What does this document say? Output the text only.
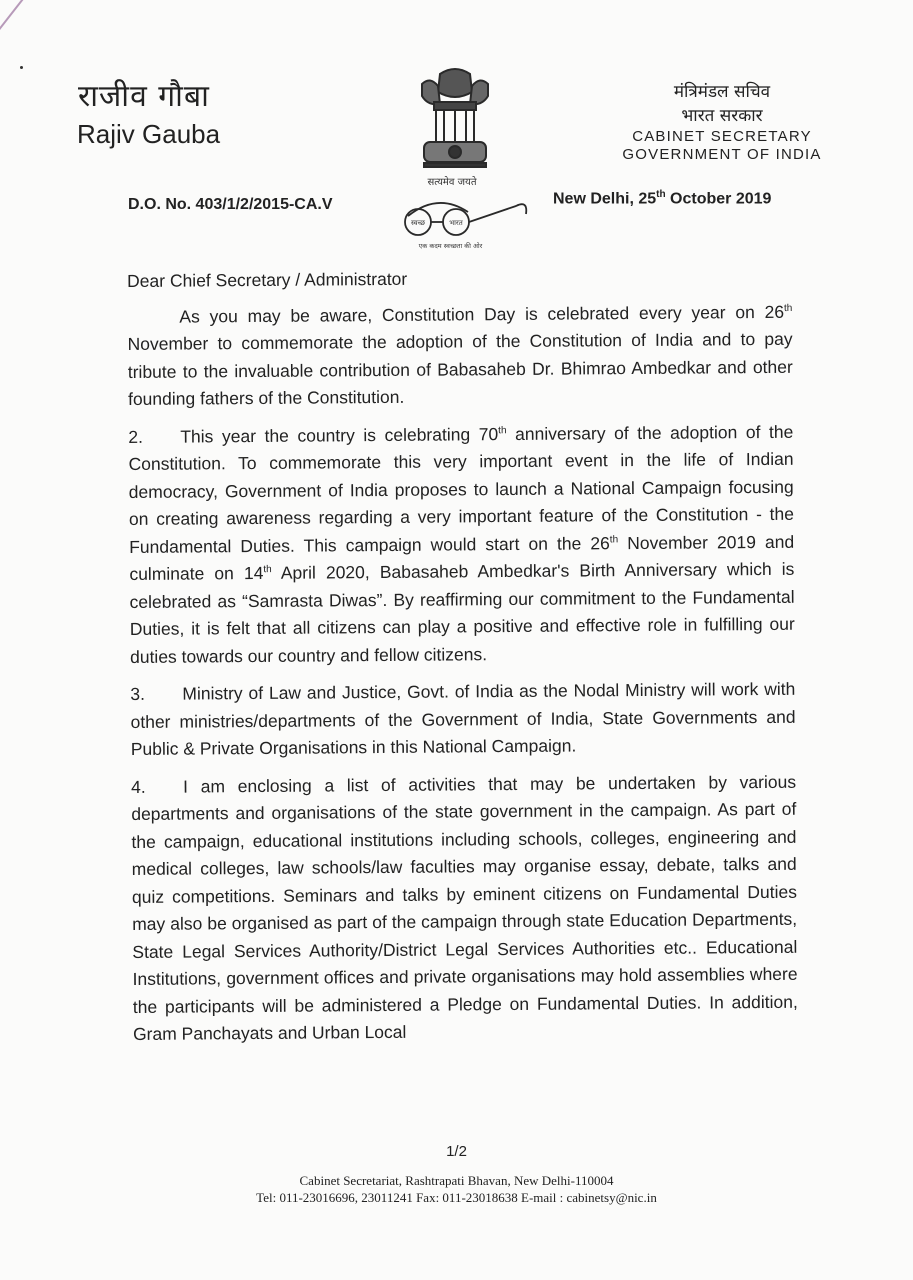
राजीव गौबा
Rajiv Gauba
D.O. No. 403/1/2/2015-CA.V
सत्यमेव जयते
स्वच्छ	भारत
एक कदम स्वच्छता की ओर
मंत्रिमंडल सचिव
भारत सरकार
CABINET SECRETARY
GOVERNMENT OF INDIA
New Delhi, 25th October 2019

Dear Chief Secretary / Administrator

As you may be aware, Constitution Day is celebrated every year on 26th November to commemorate the adoption of the Constitution of India and to pay tribute to the invaluable contribution of Babasaheb Dr. Bhimrao Ambedkar and other founding fathers of the Constitution.

2. This year the country is celebrating 70th anniversary of the adoption of the Constitution. To commemorate this very important event in the life of Indian democracy, Government of India proposes to launch a National Campaign focusing on creating awareness regarding a very important feature of the Constitution - the Fundamental Duties. This campaign would start on the 26th November 2019 and culminate on 14th April 2020, Babasaheb Ambedkar's Birth Anniversary which is celebrated as “Samrasta Diwas”. By reaffirming our commitment to the Fundamental Duties, it is felt that all citizens can play a positive and effective role in fulfilling our duties towards our country and fellow citizens.

3. Ministry of Law and Justice, Govt. of India as the Nodal Ministry will work with other ministries/departments of the Government of India, State Governments and Public & Private Organisations in this National Campaign.

4. I am enclosing a list of activities that may be undertaken by various departments and organisations of the state government in the campaign. As part of the campaign, educational institutions including schools, colleges, engineering and medical colleges, law schools/law faculties may organise essay, debate, talks and quiz competitions. Seminars and talks by eminent citizens on Fundamental Duties may also be organised as part of the campaign through state Education Departments, State Legal Services Authority/District Legal Services Authorities etc.. Educational Institutions, government offices and private organisations may hold assemblies where the participants will be administered a Pledge on Fundamental Duties. In addition, Gram Panchayats and Urban Local

1/2
Cabinet Secretariat, Rashtrapati Bhavan, New Delhi-110004
Tel: 011-23016696, 23011241 Fax: 011-23018638 E-mail : cabinetsy@nic.in
